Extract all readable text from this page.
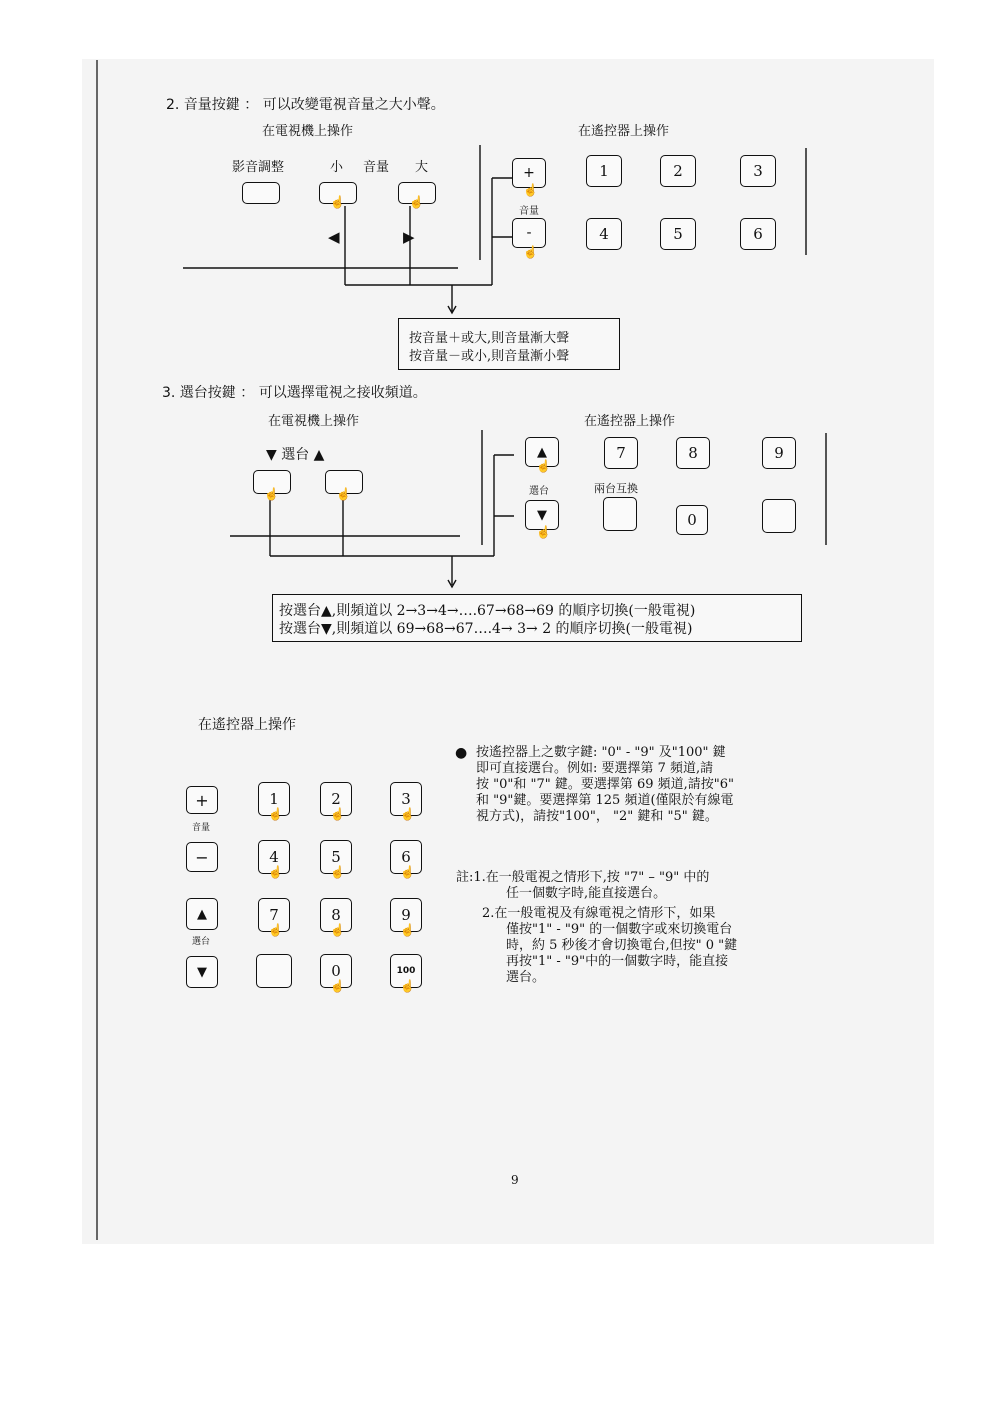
2. 音量按鍵 ： 可以改變電視音量之大小聲。
在電視機上操作	在遙控器上操作
影音調整	小 音量 大
☝	☝
◀	▶
+
☝
音量
-
☝
1	2	3
4	5	6
按音量＋或大,則音量漸大聲
按音量－或小,則音量漸小聲
3. 選台按鍵 ： 可以選擇電視之接收頻道。
在電視機上操作	在遙控器上操作
▼ 選台 ▲
☝	☝
▲
☝
選台
▼
☝
7	8	9
兩台互換
0
按選台▲,則頻道以 2→3→4→….67→68→69 的順序切換(一般電視)
按選台▼,則頻道以 69→68→67….4→ 3→ 2 的順序切換(一般電視)
在遙控器上操作
+
音量
−
▲
選台
▼
1
☝
2
☝
3
☝
4
☝
5
☝
6
☝
7
☝
8
☝
9
☝
0
☝
100
☝
● 按遙控器上之數字鍵: "0" - "9" 及"100" 鍵
即可直接選台。例如: 要選擇第 7 頻道,請
按 "0"和 "7" 鍵。要選擇第 69 頻道,請按"6"
和 "9"鍵。要選擇第 125 頻道(僅限於有線電
視方式)，請按"100"， "2" 鍵和 "5" 鍵。
註:1.在一般電視之情形下,按 "7" – "9" 中的
任一個數字時,能直接選台。
2.在一般電視及有線電視之情形下，如果
僅按"1" - "9" 的一個數字或來切換電台
時，約 5 秒後才會切換電台,但按" 0 "鍵
再按"1" - "9"中的一個數字時，能直接
選台。
9
